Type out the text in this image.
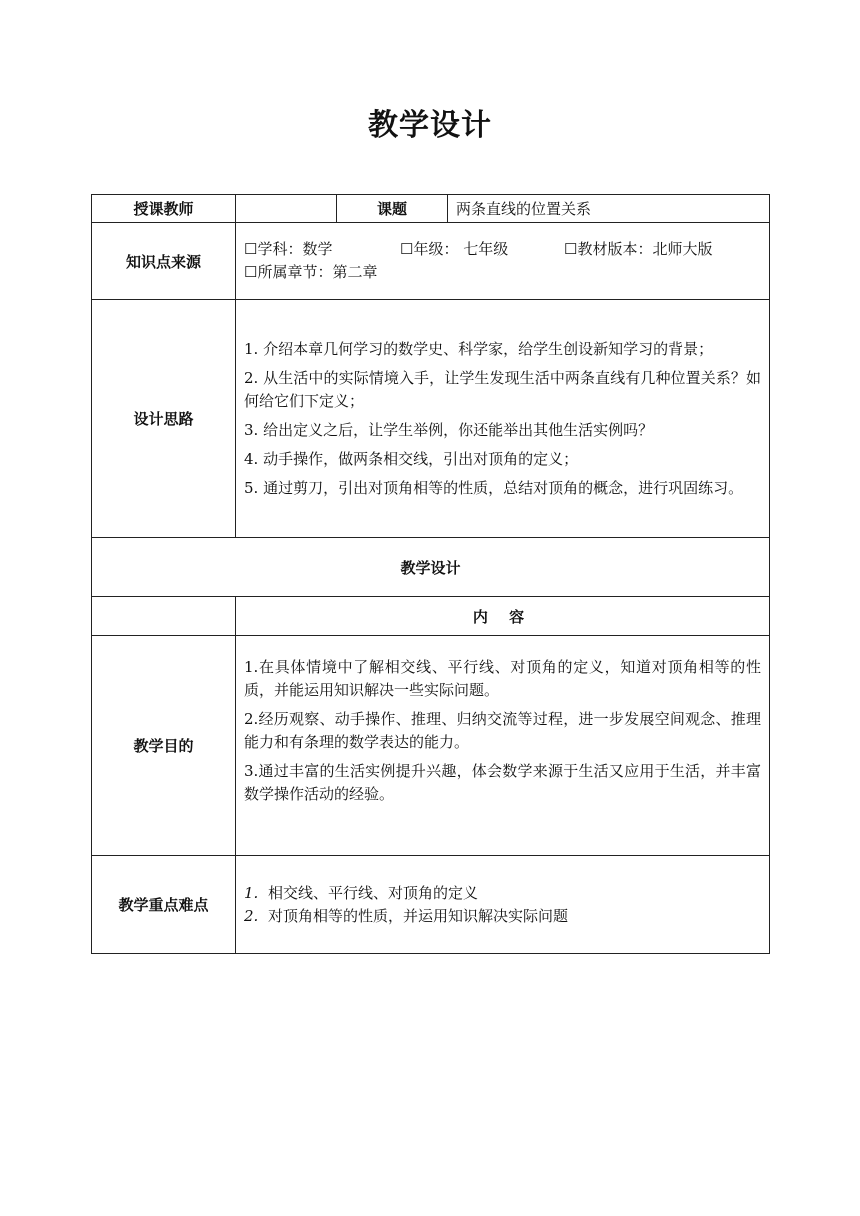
教学设计
授课教师		课题	两条直线的位置关系
知识点来源	☐学科：数学 ☐年级： 七年级 ☐教材版本：北师大版
☐所属章节：第二章		

设计思路	1. 介绍本章几何学习的数学史、科学家，给学生创设新知学习的背景；

2. 从生活中的实际情境入手，让学生发现生活中两条直线有几种位置关系？如何给它们下定义；

3. 给出定义之后，让学生举例，你还能举出其他生活实例吗？

4. 动手操作，做两条相交线，引出对顶角的定义；

5. 通过剪刀，引出对顶角相等的性质，总结对顶角的概念，进行巩固练习。		

教学设计			
	内 容		
教学目的	1.在具体情境中了解相交线、平行线、对顶角的定义，知道对顶角相等的性质，并能运用知识解决一些实际问题。

2.经历观察、动手操作、推理、归纳交流等过程，进一步发展空间观念、推理能力和有条理的数学表达的能力。

3.通过丰富的生活实例提升兴趣，体会数学来源于生活又应用于生活，并丰富数学操作活动的经验。		

教学重点难点	1. 相交线、平行线、对顶角的定义
2. 对顶角相等的性质，并运用知识解决实际问题		
